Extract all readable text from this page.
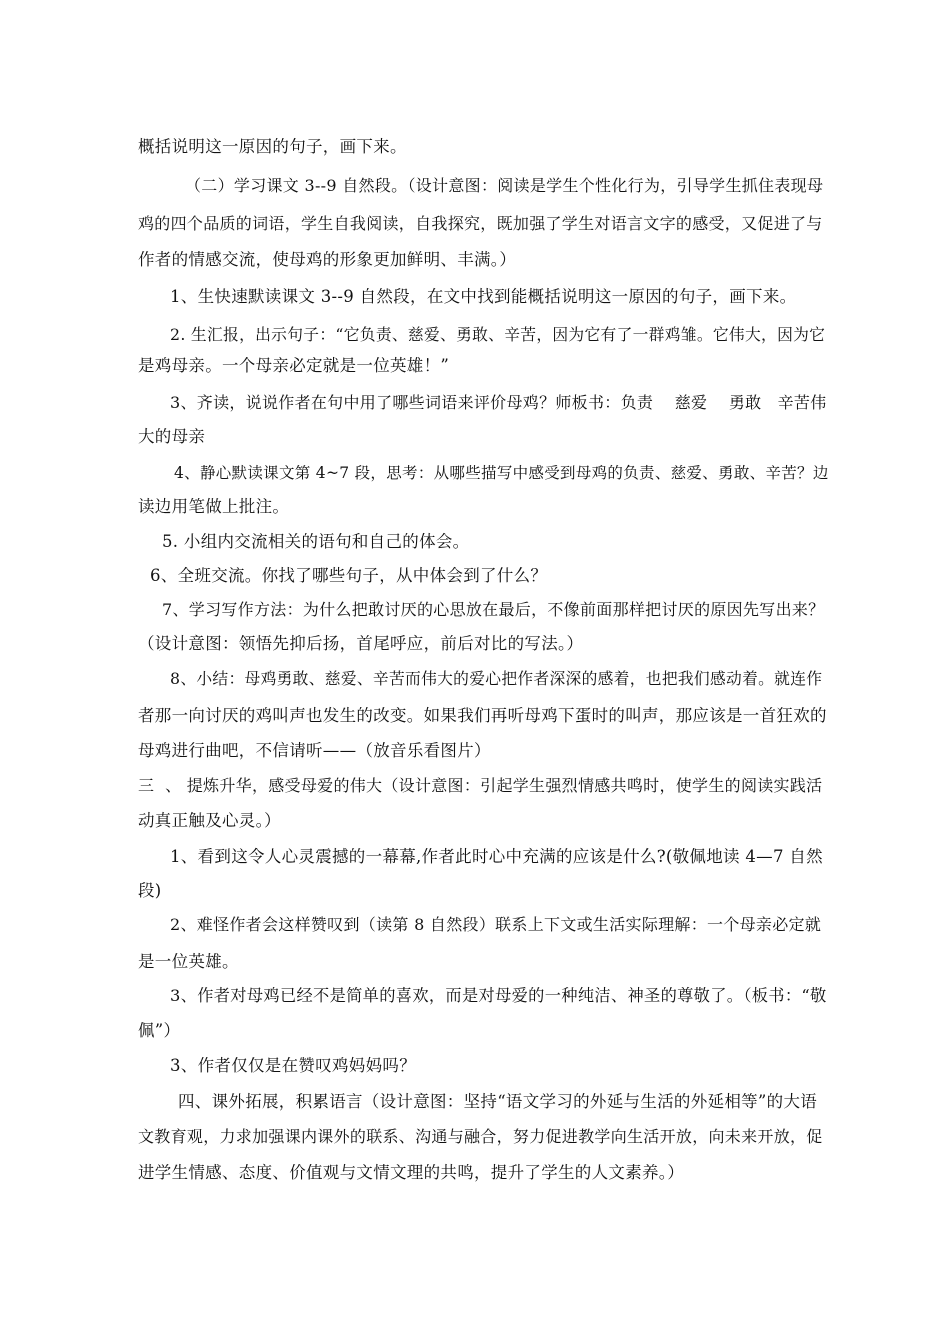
概括说明这一原因的句子，画下来。
（二）学习课文 3--9 自然段。（设计意图：阅读是学生个性化行为，引导学生抓住表现母
鸡的四个品质的词语，学生自我阅读，自我探究，既加强了学生对语言文字的感受，又促进了与
作者的情感交流，使母鸡的形象更加鲜明、丰满。）
1、生快速默读课文 3--9 自然段，在文中找到能概括说明这一原因的句子，画下来。
2. 生汇报，出示句子：“它负责、慈爱、勇敢、辛苦，因为它有了一群鸡雏。它伟大，因为它
是鸡母亲。一个母亲必定就是一位英雄！”
3、齐读，说说作者在句中用了哪些词语来评价母鸡？师板书：负责    慈爱    勇敢   辛苦伟
大的母亲
4、静心默读课文第 4~7 段，思考：从哪些描写中感受到母鸡的负责、慈爱、勇敢、辛苦？边
读边用笔做上批注。
5. 小组内交流相关的语句和自己的体会。
6、全班交流。你找了哪些句子，从中体会到了什么？
7、学习写作方法：为什么把敢讨厌的心思放在最后，不像前面那样把讨厌的原因先写出来？
（设计意图：领悟先抑后扬，首尾呼应，前后对比的写法。）
8、小结：母鸡勇敢、慈爱、辛苦而伟大的爱心把作者深深的感着，也把我们感动着。就连作
者那一向讨厌的鸡叫声也发生的改变。如果我们再听母鸡下蛋时的叫声，那应该是一首狂欢的
母鸡进行曲吧，不信请听——（放音乐看图片）
三  、 提炼升华，感受母爱的伟大（设计意图：引起学生强烈情感共鸣时，使学生的阅读实践活
动真正触及心灵。）
1、看到这令人心灵震撼的一幕幕,作者此时心中充满的应该是什么?(敬佩地读 4—7 自然
段)
2、难怪作者会这样赞叹到（读第 8 自然段）联系上下文或生活实际理解：一个母亲必定就
是一位英雄。
3、作者对母鸡已经不是简单的喜欢，而是对母爱的一种纯洁、神圣的尊敬了。（板书：“敬
佩”）
3、作者仅仅是在赞叹鸡妈妈吗？
四、课外拓展，积累语言（设计意图：坚持“语文学习的外延与生活的外延相等”的大语
文教育观，力求加强课内课外的联系、沟通与融合，努力促进教学向生活开放，向未来开放，促
进学生情感、态度、价值观与文情文理的共鸣，提升了学生的人文素养。）
